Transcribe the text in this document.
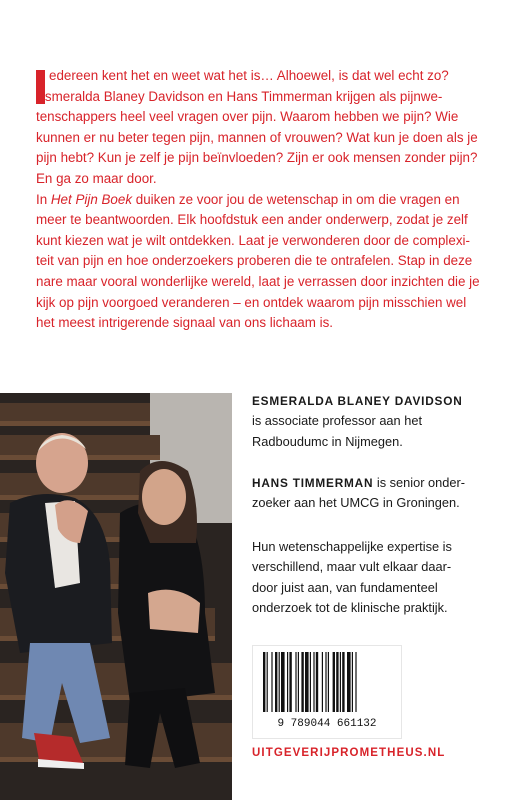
edereen kent het en weet wat het is… Alhoewel, is dat wel echt zo?

Esmeralda Blaney Davidson en Hans Timmerman krijgen als pijnwe-

tenschappers heel veel vragen over pijn. Waarom hebben we pijn? Wie

kunnen er nu beter tegen pijn, mannen of vrouwen? Wat kun je doen als je

pijn hebt? Kun je zelf je pijn beïnvloeden? Zijn er ook mensen zonder pijn?

En ga zo maar door.

In Het Pijn Boek duiken ze voor jou de wetenschap in om die vragen en

meer te beantwoorden. Elk hoofdstuk een ander onderwerp, zodat je zelf

kunt kiezen wat je wilt ontdekken. Laat je verwonderen door de complexi-

teit van pijn en hoe onderzoekers proberen die te ontrafelen. Stap in deze

nare maar vooral wonderlijke wereld, laat je verrassen door inzichten die je

kijk op pijn voorgoed veranderen – en ontdek waarom pijn misschien wel

het meest intrigerende signaal van ons lichaam is.

ESMERALDA BLANEY DAVIDSON

is associate professor aan het

Radboudumc in Nijmegen.

HANS TIMMERMAN is senior onder-

zoeker aan het UMCG in Groningen.

Hun wetenschappelijke expertise is

verschillend, maar vult elkaar daar-

door juist aan, van fundamenteel

onderzoek tot de klinische praktijk.

9 789044 661132
UITGEVERIJPROMETHEUS.NL
